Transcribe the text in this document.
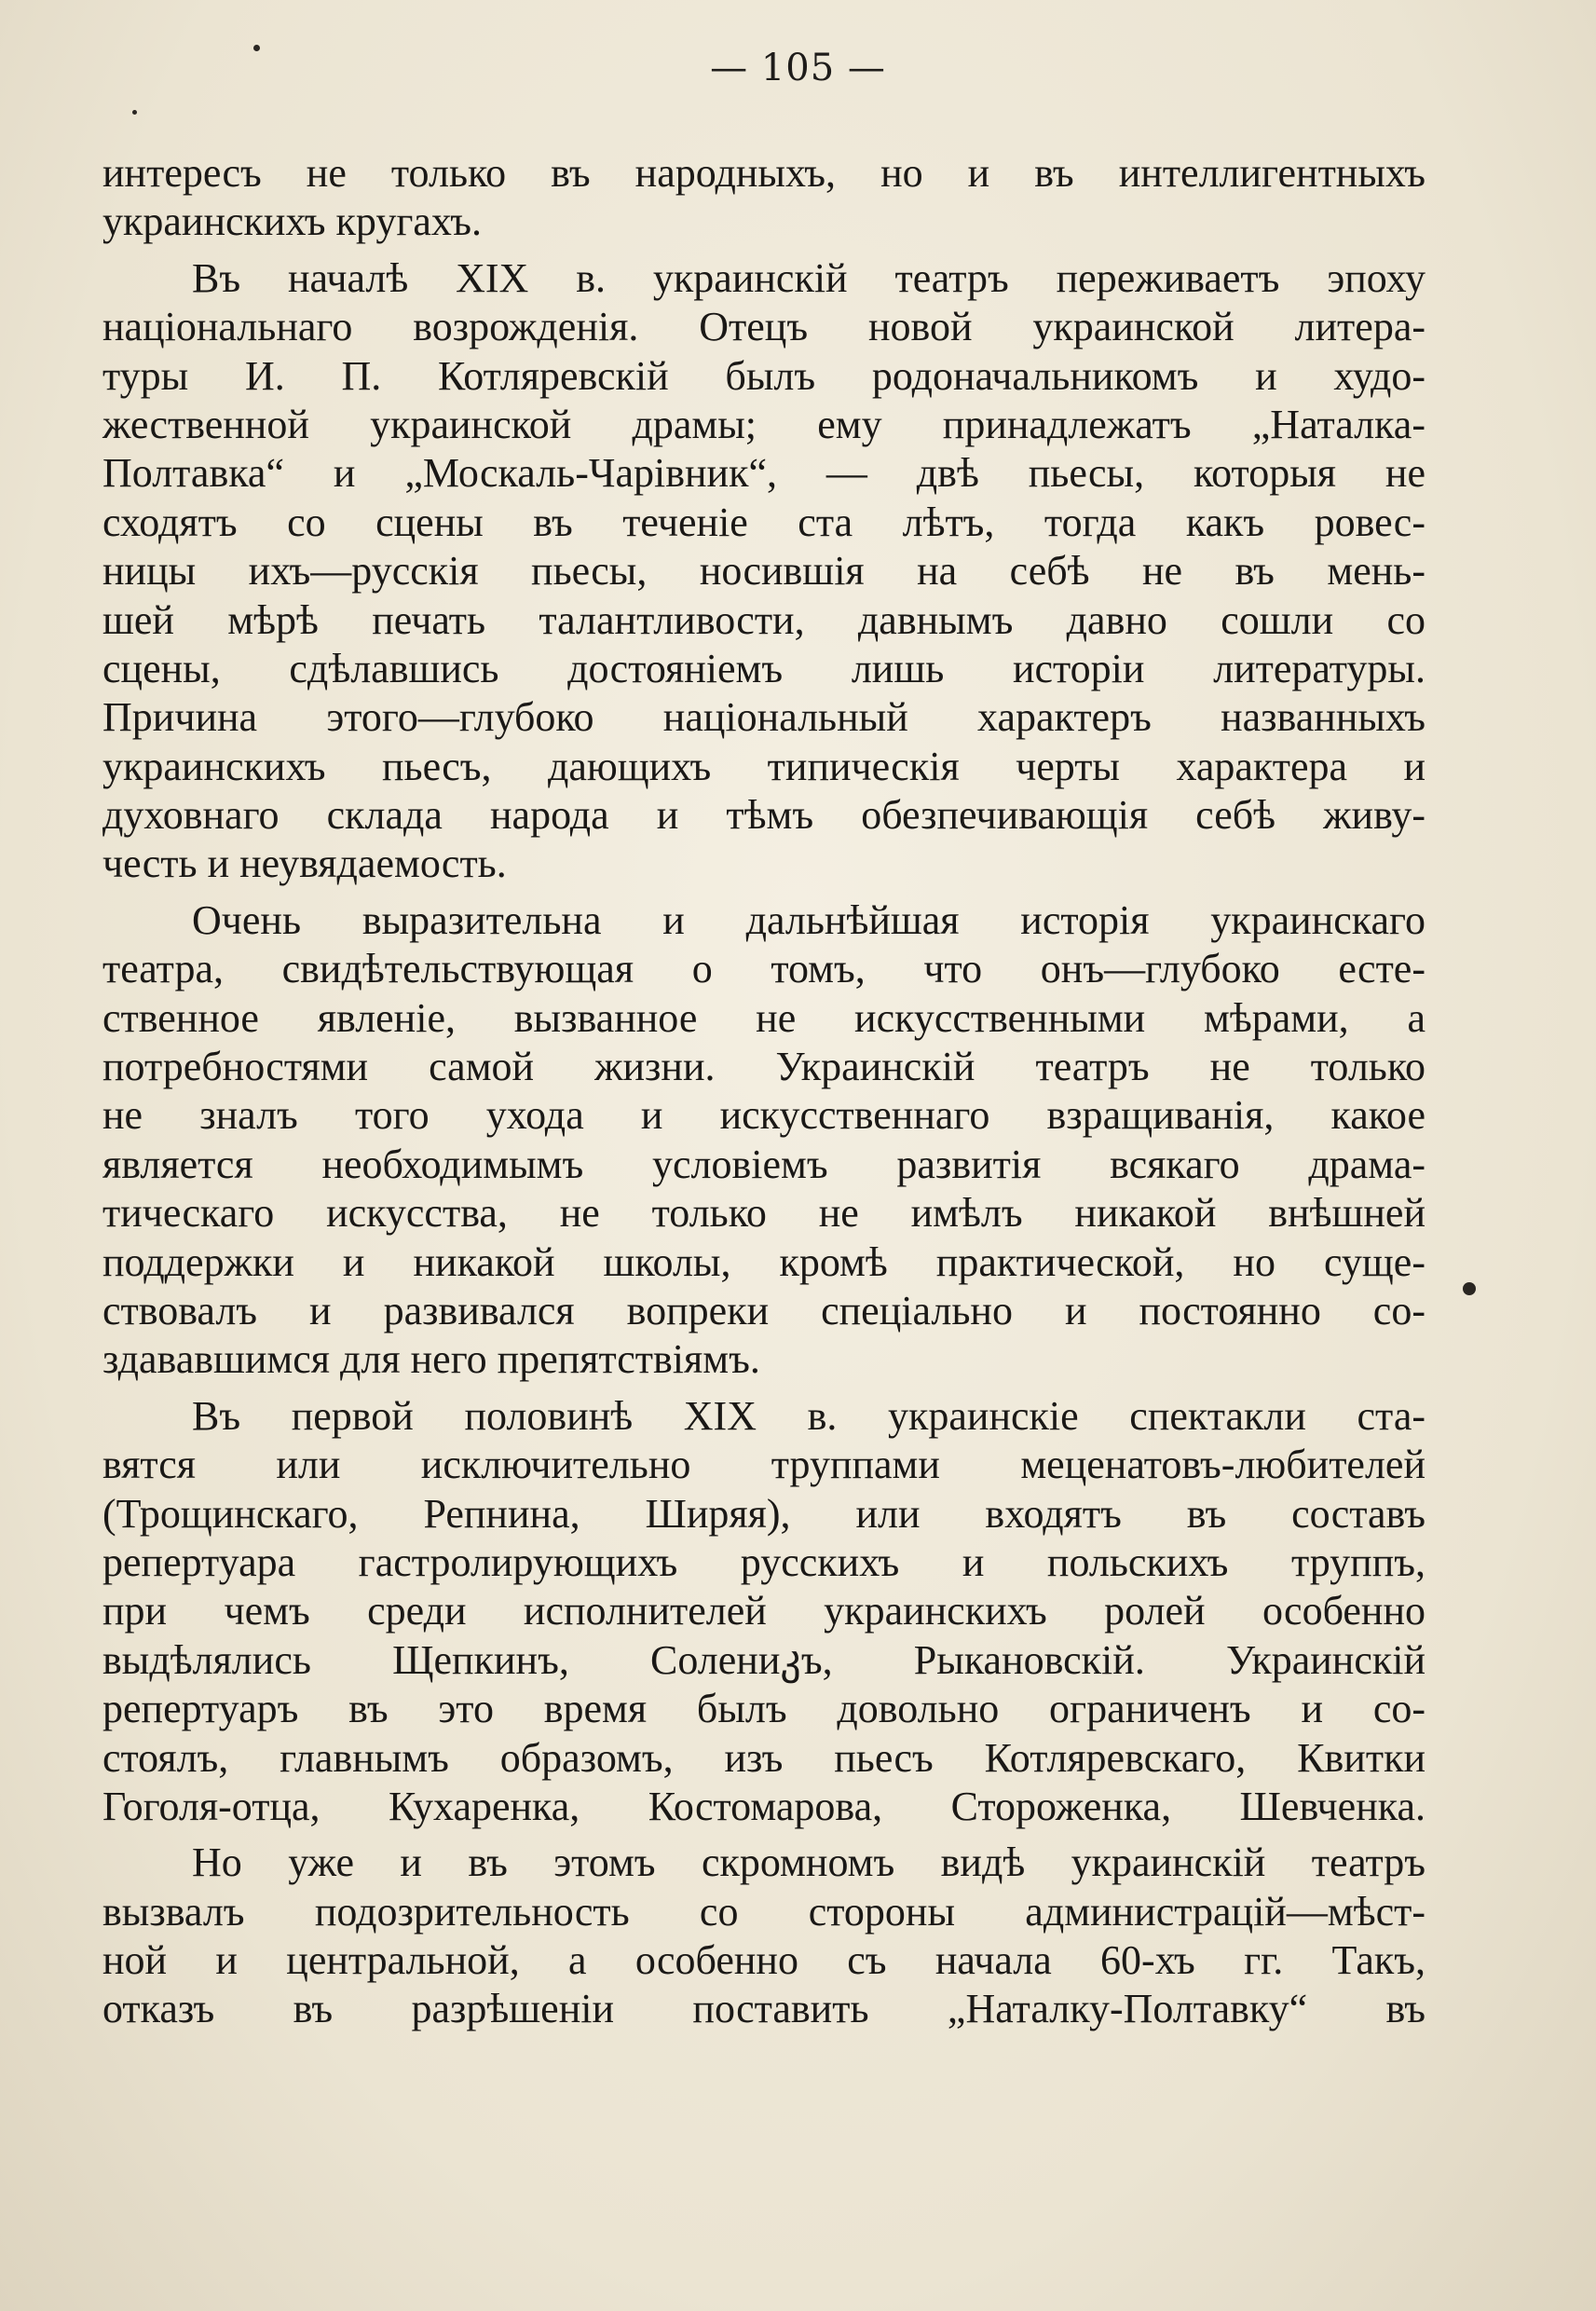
— 105 —
интересъ не только въ народныхъ, но и въ интеллигентныхъ
украинскихъ кругахъ.
Въ началѣ XIX в. украинскій театръ переживаетъ эпоху
національнаго возрожденія. Отецъ новой украинской литера-
туры И. П. Котляревскій былъ родоначальникомъ и худо-
жественной украинской драмы; ему принадлежатъ „Наталка-
Полтавка“ и „Москаль-Чарівник“, — двѣ пьесы, которыя не
сходятъ со сцены въ теченіе ста лѣтъ, тогда какъ ровес-
ницы ихъ—русскія пьесы, носившія на себѣ не въ мень-
шей мѣрѣ печать талантливости, давнымъ давно сошли со
сцены, сдѣлавшись достояніемъ лишь исторіи литературы.
Причина этого—глубоко національный характеръ названныхъ
украинскихъ пьесъ, дающихъ типическія черты характера и
духовнаго склада народа и тѣмъ обезпечивающія себѣ живу-
честь и неувядаемость.
Очень выразительна и дальнѣйшая исторія украинскаго
театра, свидѣтельствующая о томъ, что онъ—глубоко есте-
ственное явленіе, вызванное не искусственными мѣрами, а
потребностями самой жизни. Украинскій театръ не только
не зналъ того ухода и искусственнаго взращиванія, какое
является необходимымъ условіемъ развитія всякаго драма-
тическаго искусства, не только не имѣлъ никакой внѣшней
поддержки и никакой школы, кромѣ практической, но суще-
ствовалъ и развивался вопреки спеціально и постоянно со-
здававшимся для него препятствіямъ.
Въ первой половинѣ XIX в. украинскіе спектакли ста-
вятся или исключительно труппами меценатовъ-любителей
(Трощинскаго, Репнина, Ширяя), или входятъ въ составъ
репертуара гастролирующихъ русскихъ и польскихъ труппъ,
при чемъ среди исполнителей украинскихъ ролей особенно
выдѣлялись Щепкинъ, Солениკъ, Рыкановскій. Украинскій
репертуаръ въ это время былъ довольно ограниченъ и со-
стоялъ, главнымъ образомъ, изъ пьесъ Котляревскаго, Квитки
Гоголя-отца, Кухаренка, Костомарова, Стороженка, Шевченка.
Но уже и въ этомъ скромномъ видѣ украинскій театръ
вызвалъ подозрительность со стороны администрацій—мѣст-
ной и центральной, а особенно съ начала 60-хъ гг. Такъ,
отказъ въ разрѣшеніи поставить „Наталку-Полтавку“ въ
